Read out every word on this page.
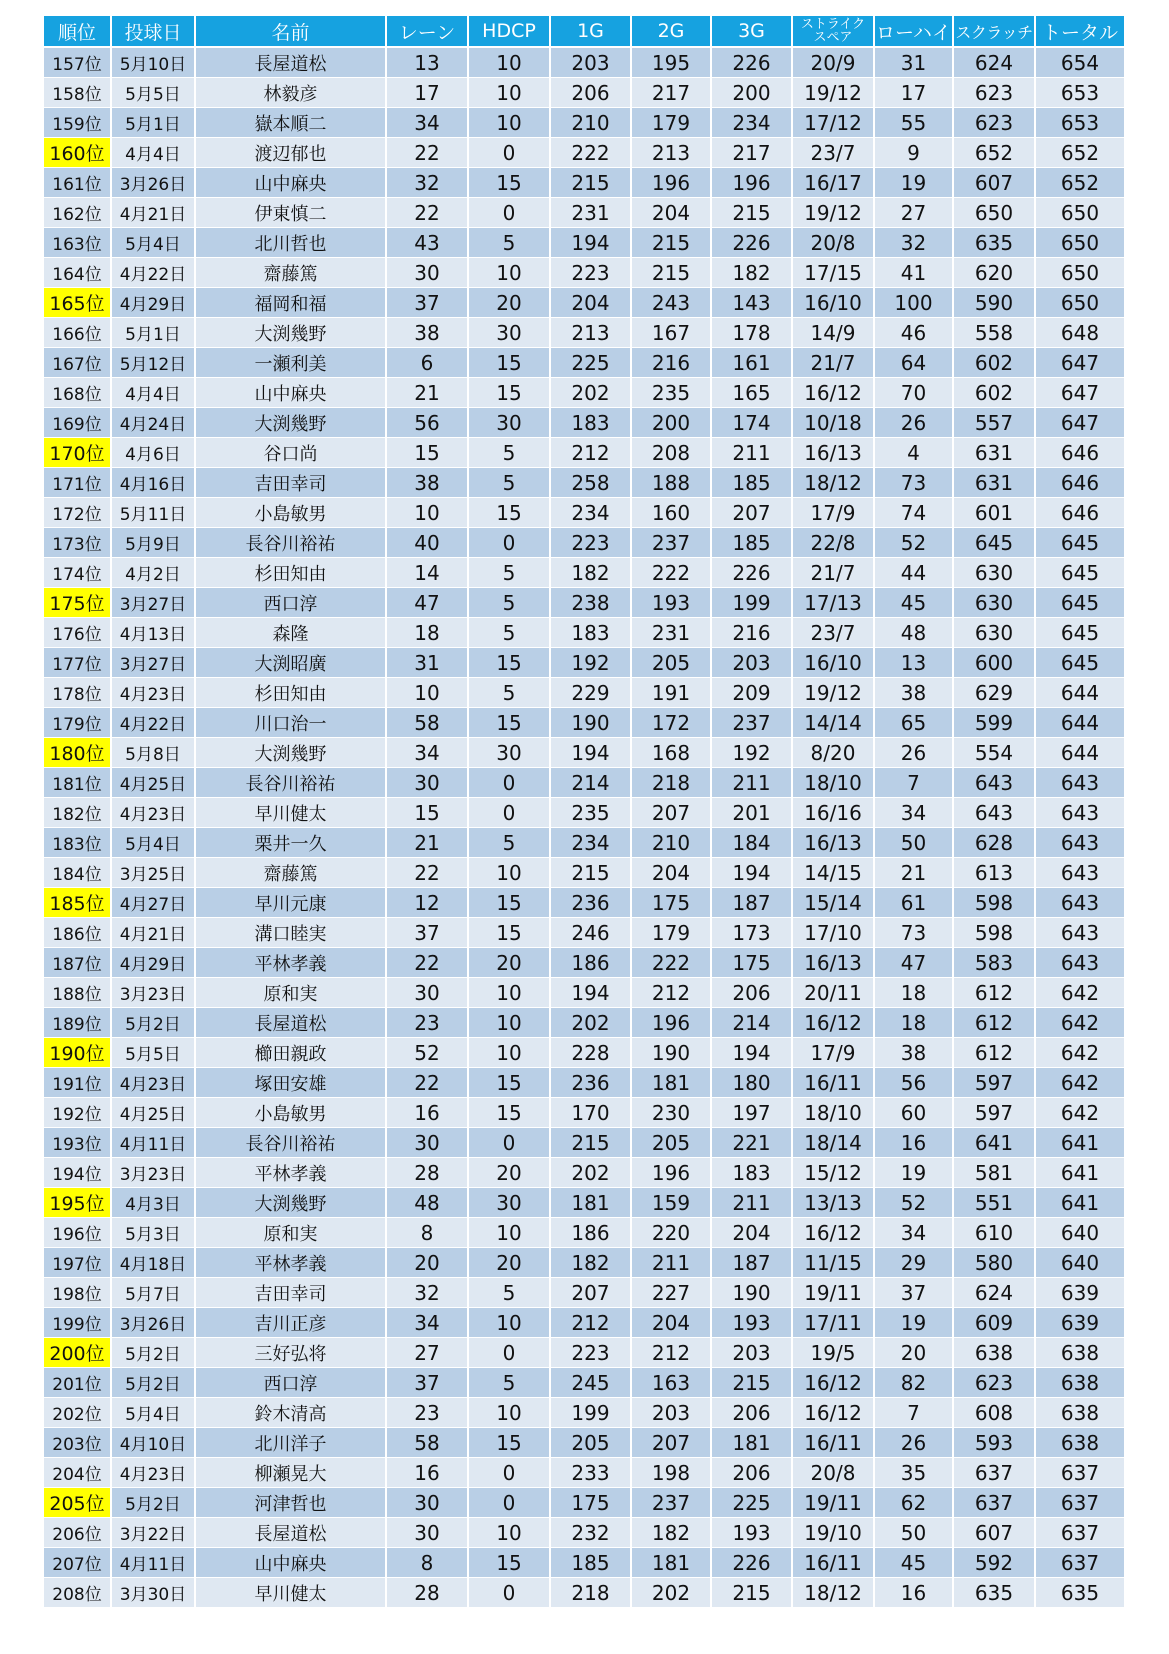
順位	投球日	名前	レーン	HDCP	1G	2G	3G	ストライク
スペア	ローハイ	スクラッチ	トータル
157位	5月10日	長屋道松	13	10	203	195	226	20/9	31	624	654
158位	5月5日	林毅彦	17	10	206	217	200	19/12	17	623	653
159位	5月1日	嶽本順二	34	10	210	179	234	17/12	55	623	653
160位	4月4日	渡辺郁也	22	0	222	213	217	23/7	9	652	652
161位	3月26日	山中麻央	32	15	215	196	196	16/17	19	607	652
162位	4月21日	伊東慎二	22	0	231	204	215	19/12	27	650	650
163位	5月4日	北川哲也	43	5	194	215	226	20/8	32	635	650
164位	4月22日	齋藤篤	30	10	223	215	182	17/15	41	620	650
165位	4月29日	福岡和福	37	20	204	243	143	16/10	100	590	650
166位	5月1日	大渕幾野	38	30	213	167	178	14/9	46	558	648
167位	5月12日	一瀬利美	6	15	225	216	161	21/7	64	602	647
168位	4月4日	山中麻央	21	15	202	235	165	16/12	70	602	647
169位	4月24日	大渕幾野	56	30	183	200	174	10/18	26	557	647
170位	4月6日	谷口尚	15	5	212	208	211	16/13	4	631	646
171位	4月16日	吉田幸司	38	5	258	188	185	18/12	73	631	646
172位	5月11日	小島敏男	10	15	234	160	207	17/9	74	601	646
173位	5月9日	長谷川裕祐	40	0	223	237	185	22/8	52	645	645
174位	4月2日	杉田知由	14	5	182	222	226	21/7	44	630	645
175位	3月27日	西口淳	47	5	238	193	199	17/13	45	630	645
176位	4月13日	森隆	18	5	183	231	216	23/7	48	630	645
177位	3月27日	大渕昭廣	31	15	192	205	203	16/10	13	600	645
178位	4月23日	杉田知由	10	5	229	191	209	19/12	38	629	644
179位	4月22日	川口治一	58	15	190	172	237	14/14	65	599	644
180位	5月8日	大渕幾野	34	30	194	168	192	8/20	26	554	644
181位	4月25日	長谷川裕祐	30	0	214	218	211	18/10	7	643	643
182位	4月23日	早川健太	15	0	235	207	201	16/16	34	643	643
183位	5月4日	栗井一久	21	5	234	210	184	16/13	50	628	643
184位	3月25日	齋藤篤	22	10	215	204	194	14/15	21	613	643
185位	4月27日	早川元康	12	15	236	175	187	15/14	61	598	643
186位	4月21日	溝口睦実	37	15	246	179	173	17/10	73	598	643
187位	4月29日	平林孝義	22	20	186	222	175	16/13	47	583	643
188位	3月23日	原和実	30	10	194	212	206	20/11	18	612	642
189位	5月2日	長屋道松	23	10	202	196	214	16/12	18	612	642
190位	5月5日	櫛田親政	52	10	228	190	194	17/9	38	612	642
191位	4月23日	塚田安雄	22	15	236	181	180	16/11	56	597	642
192位	4月25日	小島敏男	16	15	170	230	197	18/10	60	597	642
193位	4月11日	長谷川裕祐	30	0	215	205	221	18/14	16	641	641
194位	3月23日	平林孝義	28	20	202	196	183	15/12	19	581	641
195位	4月3日	大渕幾野	48	30	181	159	211	13/13	52	551	641
196位	5月3日	原和実	8	10	186	220	204	16/12	34	610	640
197位	4月18日	平林孝義	20	20	182	211	187	11/15	29	580	640
198位	5月7日	吉田幸司	32	5	207	227	190	19/11	37	624	639
199位	3月26日	吉川正彦	34	10	212	204	193	17/11	19	609	639
200位	5月2日	三好弘将	27	0	223	212	203	19/5	20	638	638
201位	5月2日	西口淳	37	5	245	163	215	16/12	82	623	638
202位	5月4日	鈴木清高	23	10	199	203	206	16/12	7	608	638
203位	4月10日	北川洋子	58	15	205	207	181	16/11	26	593	638
204位	4月23日	柳瀬晃大	16	0	233	198	206	20/8	35	637	637
205位	5月2日	河津哲也	30	0	175	237	225	19/11	62	637	637
206位	3月22日	長屋道松	30	10	232	182	193	19/10	50	607	637
207位	4月11日	山中麻央	8	15	185	181	226	16/11	45	592	637
208位	3月30日	早川健太	28	0	218	202	215	18/12	16	635	635
